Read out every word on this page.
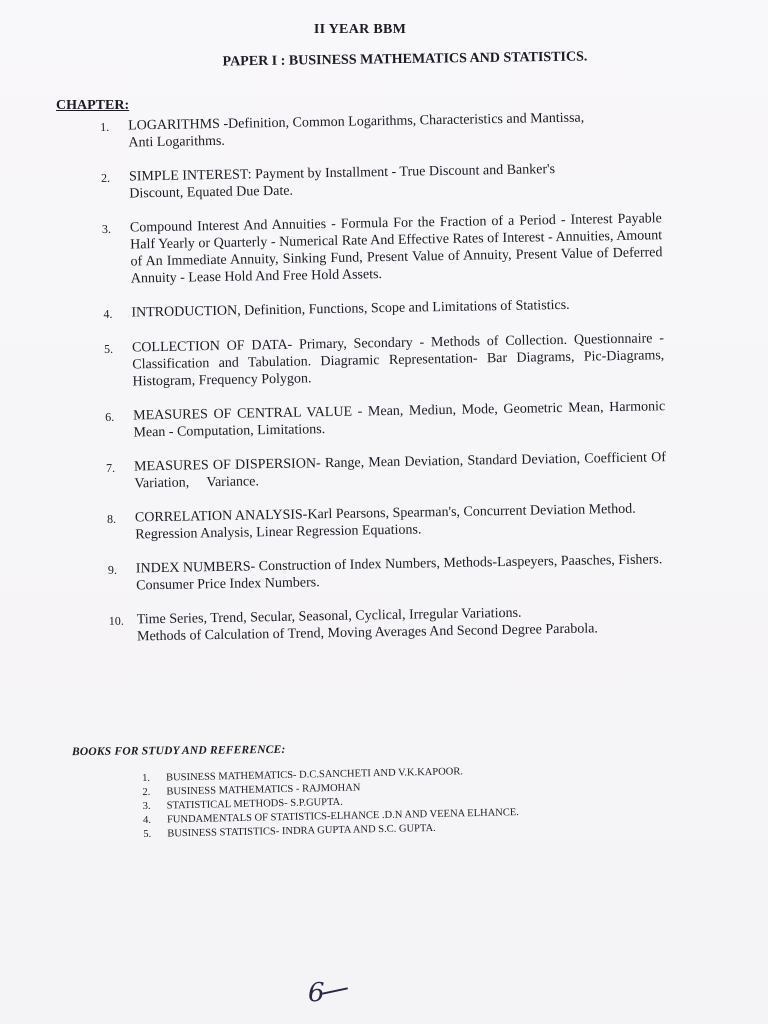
II YEAR BBM
PAPER I : BUSINESS MATHEMATICS AND STATISTICS.
CHAPTER:
1.	LOGARITHMS -Definition, Common Logarithms, Characteristics and Mantissa,
Anti Logarithms.
2.	SIMPLE INTEREST: Payment by Installment - True Discount and Banker's
Discount, Equated Due Date.
3.	Compound Interest And Annuities - Formula For the Fraction of a Period - Interest Payable Half Yearly or Quarterly - Numerical Rate And Effective Rates of Interest - Annuities, Amount of An Immediate Annuity, Sinking Fund, Present Value of Annuity, Present Value of Deferred Annuity - Lease Hold And Free Hold Assets.
4.	INTRODUCTION, Definition, Functions, Scope and Limitations of Statistics.
5.	COLLECTION OF DATA- Primary, Secondary - Methods of Collection. Questionnaire - Classification and Tabulation. Diagramic Representation- Bar Diagrams, Pic-Diagrams, Histogram, Frequency Polygon.
6.	MEASURES OF CENTRAL VALUE - Mean, Mediun, Mode, Geometric Mean, Harmonic Mean - Computation, Limitations.
7.	MEASURES OF DISPERSION- Range, Mean Deviation, Standard Deviation, Coefficient Of Variation,     Variance.
8.	CORRELATION ANALYSIS-Karl Pearsons, Spearman's, Concurrent Deviation Method.
Regression Analysis, Linear Regression Equations.
9.	INDEX NUMBERS- Construction of Index Numbers, Methods-Laspeyers, Paasches, Fishers.
Consumer Price Index Numbers.
10. Time Series, Trend, Secular, Seasonal, Cyclical, Irregular Variations.
Methods of Calculation of Trend, Moving Averages And Second Degree Parabola.
BOOKS FOR STUDY AND REFERENCE:
1.	BUSINESS MATHEMATICS- D.C.SANCHETI AND V.K.KAPOOR.
2.	BUSINESS MATHEMATICS - RAJMOHAN
3.	STATISTICAL METHODS- S.P.GUPTA.
4.	FUNDAMENTALS OF STATISTICS-ELHANCE .D.N AND VEENA ELHANCE.
5.	BUSINESS STATISTICS- INDRA GUPTA AND S.C. GUPTA.
6
